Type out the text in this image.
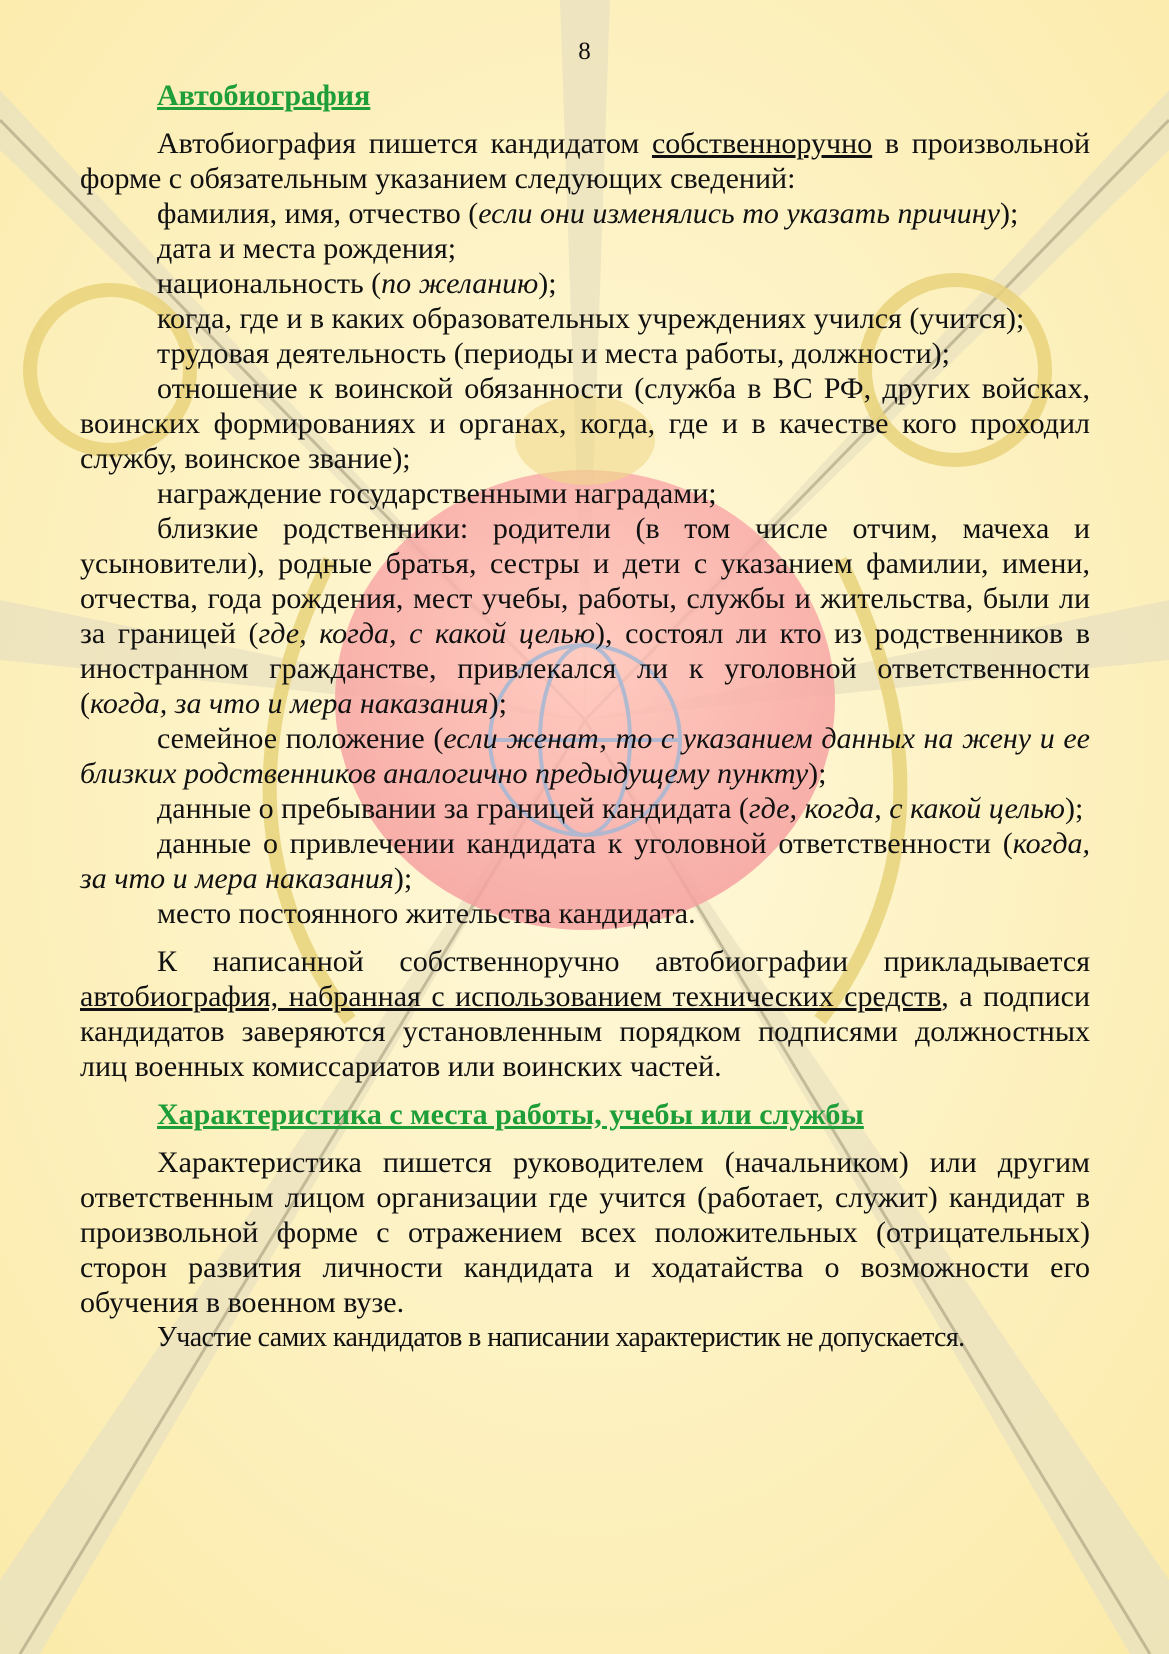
8
Автобиография

Автобиография пишется кандидатом собственноручно в произвольной форме с обязательным указанием следующих сведений:

фамилия, имя, отчество (если они изменялись то указать причину);

дата и места рождения;

национальность (по желанию);

когда, где и в каких образовательных учреждениях учился (учится);

трудовая деятельность (периоды и места работы, должности);

отношение к воинской обязанности (служба в ВС РФ, других войсках, воинских формированиях и органах, когда, где и в качестве кого проходил службу, воинское звание);

награждение государственными наградами;

близкие родственники: родители (в том числе отчим, мачеха и усыновители), родные братья, сестры и дети с указанием фамилии, имени, отчества, года рождения, мест учебы, работы, службы и жительства, были ли за границей (где, когда, с какой целью), состоял ли кто из родственников в иностранном гражданстве, привлекался ли к уголовной ответственности (когда, за что и мера наказания);

семейное положение (если женат, то с указанием данных на жену и ее близких родственников аналогично предыдущему пункту);

данные о пребывании за границей кандидата (где, когда, с какой целью);

данные о привлечении кандидата к уголовной ответственности (когда, за что и мера наказания);

место постоянного жительства кандидата.

К написанной собственноручно автобиографии прикладывается автобиография, набранная с использованием технических средств, а подписи кандидатов заверяются установленным порядком подписями должностных лиц военных комиссариатов или воинских частей.

Характеристика с места работы, учебы или службы

Характеристика пишется руководителем (начальником) или другим ответственным лицом организации где учится (работает, служит) кандидат в произвольной форме с отражением всех положительных (отрицательных) сторон развития личности кандидата и ходатайства о возможности его обучения в военном вузе.

Участие самих кандидатов в написании характеристик не допускается.
